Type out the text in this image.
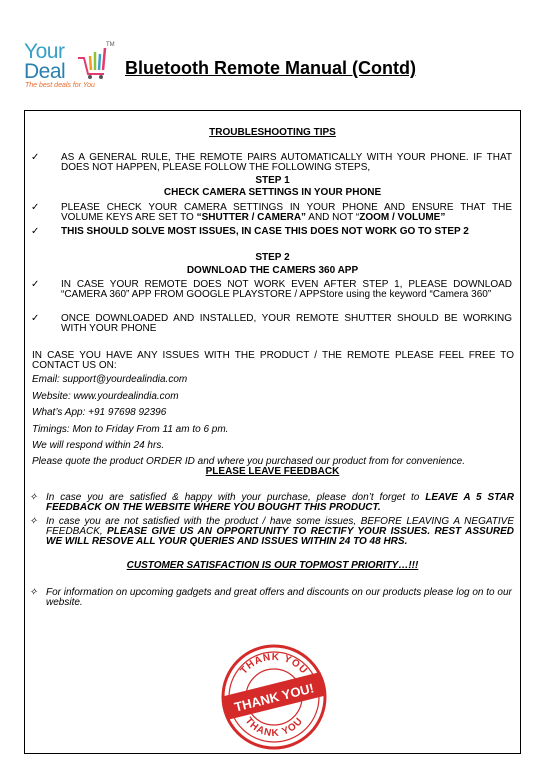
Your
Deal
TM
The best deals for You
Bluetooth Remote Manual (Contd)
TROUBLESHOOTING TIPS
✓	AS A GENERAL RULE, THE REMOTE PAIRS AUTOMATICALLY WITH YOUR PHONE. IF THAT DOES NOT HAPPEN, PLEASE FOLLOW THE FOLLOWING STEPS,
STEP 1
CHECK CAMERA SETTINGS IN YOUR PHONE
✓	PLEASE CHECK YOUR CAMERA SETTINGS IN YOUR PHONE AND ENSURE THAT THE VOLUME KEYS ARE SET TO “SHUTTER / CAMERA” AND NOT “ZOOM / VOLUME”
✓	THIS SHOULD SOLVE MOST ISSUES, IN CASE THIS DOES NOT WORK GO TO STEP 2
STEP 2
DOWNLOAD THE CAMERS 360 APP
✓	IN CASE YOUR REMOTE DOES NOT WORK EVEN AFTER STEP 1, PLEASE DOWNLOAD “CAMERA 360” APP FROM GOOGLE PLAYSTORE / APPStore using the keyword “Camera 360”
✓	ONCE DOWNLOADED AND INSTALLED, YOUR REMOTE SHUTTER SHOULD BE WORKING WITH YOUR PHONE
IN CASE YOU HAVE ANY ISSUES WITH THE PRODUCT / THE REMOTE PLEASE FEEL FREE TO CONTACT US ON:
Email: support@yourdealindia.com
Website: www.yourdealindia.com
What’s App: +91 97698 92396
Timings: Mon to Friday From 11 am to 6 pm.
We will respond within 24 hrs.
Please quote the product ORDER ID and where you purchased our product from for convenience.
PLEASE LEAVE FEEDBACK
✧ In case you are satisfied & happy with your purchase, please don’t forget to LEAVE A 5 STAR FEEDBACK ON THE WEBSITE WHERE YOU BOUGHT THIS PRODUCT.
✧ In case you are not satisfied with the product / have some issues, BEFORE LEAVING A NEGATIVE FEEDBACK, PLEASE GIVE US AN OPPORTUNITY TO RECTIFY YOUR ISSUES. REST ASSURED WE WILL RESOVE ALL YOUR QUERIES AND ISSUES WITHIN 24 TO 48 HRS.
CUSTOMER SATISFACTION IS OUR TOPMOST PRIORITY…!!!
✧ For information on upcoming gadgets and great offers and discounts on our products please log on to our website.
THANK YOU
THANK YOU
THANK YOU!
